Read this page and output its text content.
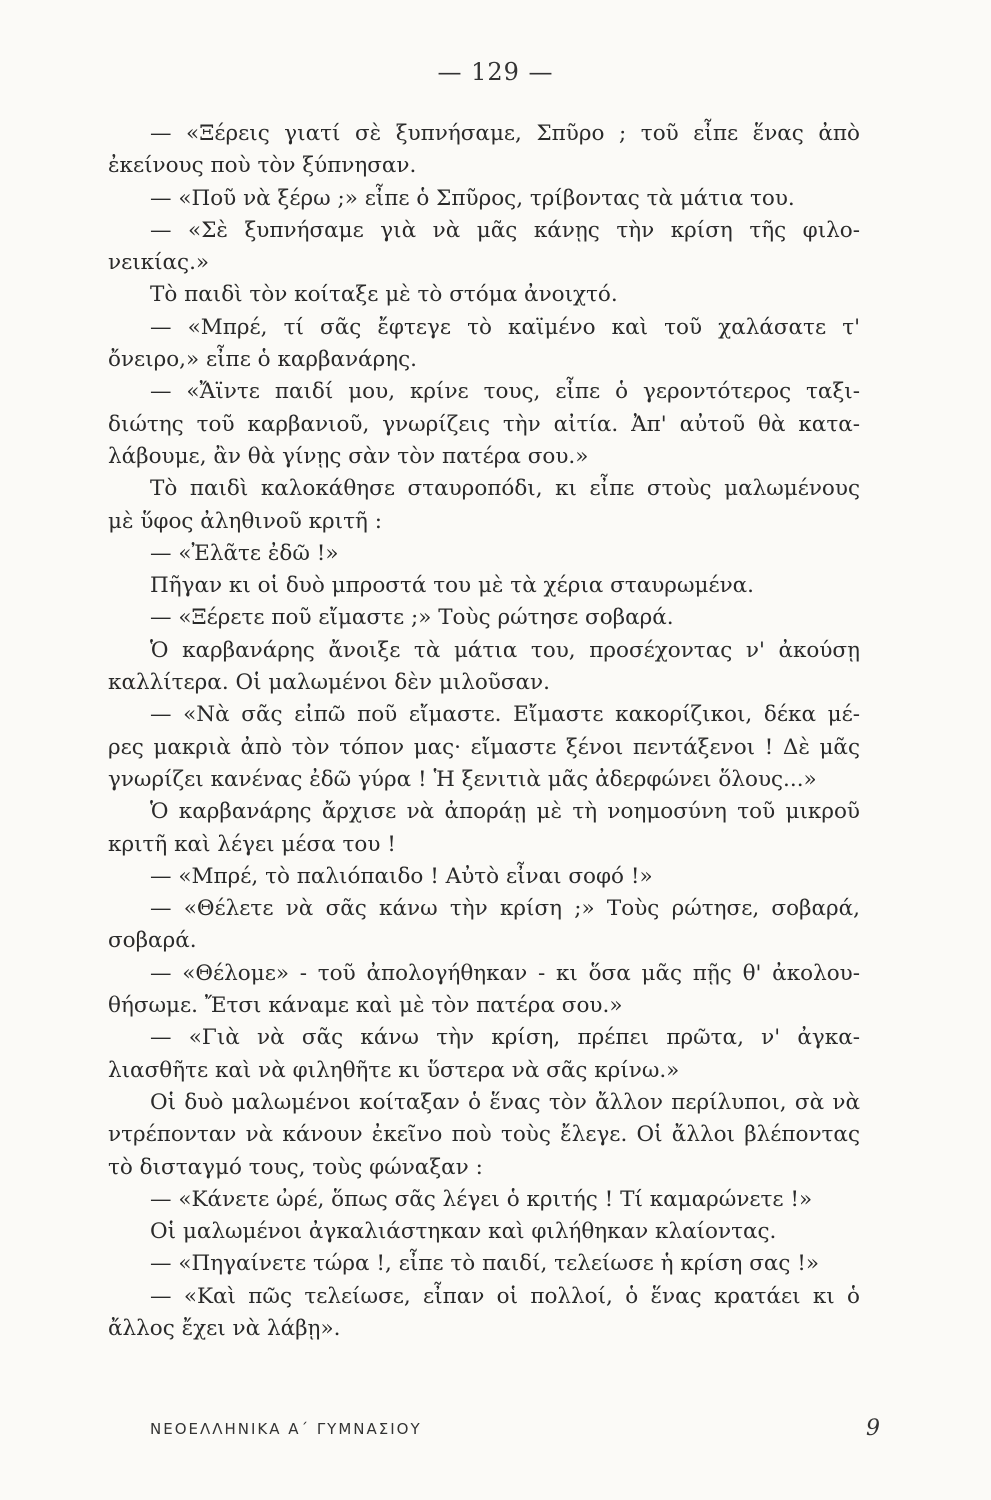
— 129 —
— «Ξέρεις γιατί σὲ ξυπνήσαμε, Σπῦρο ; τοῦ εἶπε ἕνας ἀπὸ
ἐκείνους ποὺ τὸν ξύπνησαν.
— «Ποῦ νὰ ξέρω ;» εἶπε ὁ Σπῦρος, τρίβοντας τὰ μάτια του.
— «Σὲ ξυπνήσαμε γιὰ νὰ μᾶς κάνῃς τὴν κρίση τῆς φιλο-
νεικίας.»
Τὸ παιδὶ τὸν κοίταξε μὲ τὸ στόμα ἀνοιχτό.
— «Μπρέ, τί σᾶς ἔφτεγε τὸ καϊμένο καὶ τοῦ χαλάσατε τ'
ὄνειρο,» εἶπε ὁ καρβανάρης.
— «Ἄϊντε παιδί μου, κρίνε τους, εἶπε ὁ γεροντότερος ταξι-
διώτης τοῦ καρβανιοῦ, γνωρίζεις τὴν αἰτία. Ἀπ' αὐτοῦ θὰ κατα-
λάβουμε, ἂν θὰ γίνῃς σὰν τὸν πατέρα σου.»
Τὸ παιδὶ καλοκάθησε σταυροπόδι, κι εἶπε στοὺς μαλωμένους
μὲ ὕφος ἀληθινοῦ κριτῆ :
— «Ἐλᾶτε ἐδῶ !»
Πῆγαν κι οἱ δυὸ μπροστά του μὲ τὰ χέρια σταυρωμένα.
— «Ξέρετε ποῦ εἴμαστε ;» Τοὺς ρώτησε σοβαρά.
Ὁ καρβανάρης ἄνοιξε τὰ μάτια του, προσέχοντας ν' ἀκούσῃ
καλλίτερα. Οἱ μαλωμένοι δὲν μιλοῦσαν.
— «Νὰ σᾶς εἰπῶ ποῦ εἴμαστε. Εἴμαστε κακορίζικοι, δέκα μέ-
ρες μακριὰ ἀπὸ τὸν τόπον μας· εἴμαστε ξένοι πεντάξενοι ! Δὲ μᾶς
γνωρίζει κανένας ἐδῶ γύρα ! Ἡ ξενιτιὰ μᾶς ἀδερφώνει ὅλους...»
Ὁ καρβανάρης ἄρχισε νὰ ἀποράῃ μὲ τὴ νοημοσύνη τοῦ μικροῦ
κριτῆ καὶ λέγει μέσα του !
— «Μπρέ, τὸ παλιόπαιδο ! Αὐτὸ εἶναι σοφό !»
— «Θέλετε νὰ σᾶς κάνω τὴν κρίση ;» Τοὺς ρώτησε, σοβαρά,
σοβαρά.
— «Θέλομε» - τοῦ ἀπολογήθηκαν - κι ὅσα μᾶς πῇς θ' ἀκολου-
θήσωμε. Ἔτσι κάναμε καὶ μὲ τὸν πατέρα σου.»
— «Γιὰ νὰ σᾶς κάνω τὴν κρίση, πρέπει πρῶτα, ν' ἀγκα-
λιασθῆτε καὶ νὰ φιληθῆτε κι ὕστερα νὰ σᾶς κρίνω.»
Οἱ δυὸ μαλωμένοι κοίταξαν ὁ ἕνας τὸν ἄλλον περίλυποι, σὰ νὰ
ντρέπονταν νὰ κάνουν ἐκεῖνο ποὺ τοὺς ἔλεγε. Οἱ ἄλλοι βλέποντας
τὸ δισταγμό τους, τοὺς φώναξαν :
— «Κάνετε ὠρέ, ὅπως σᾶς λέγει ὁ κριτής ! Τί καμαρώνετε !»
Οἱ μαλωμένοι ἀγκαλιάστηκαν καὶ φιλήθηκαν κλαίοντας.
— «Πηγαίνετε τώρα !, εἶπε τὸ παιδί, τελείωσε ἡ κρίση σας !»
— «Καὶ πῶς τελείωσε, εἶπαν οἱ πολλοί, ὁ ἕνας κρατάει κι ὁ
ἄλλος ἔχει νὰ λάβῃ».
ΝΕΟΕΛΛΗΝΙΚΑ Α΄ ΓΥΜΝΑΣΙΟΥ	9
